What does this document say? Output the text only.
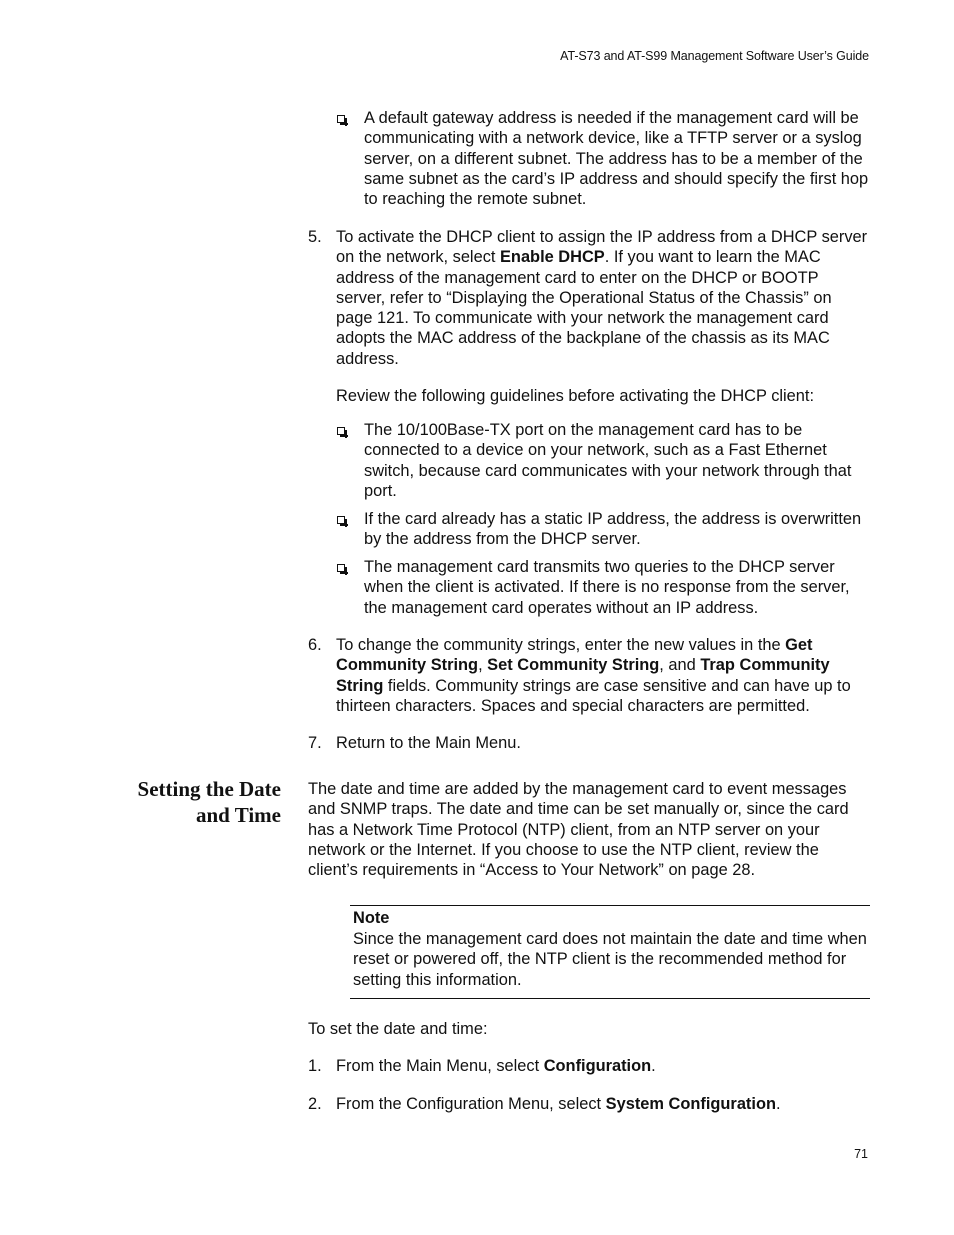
AT-S73 and AT-S99 Management Software User’s Guide

A default gateway address is needed if the management card will be communicating with a network device, like a TFTP server or a syslog server, on a different subnet. The address has to be a member of the same subnet as the card’s IP address and should specify the first hop to reaching the remote subnet.

5. To activate the DHCP client to assign the IP address from a DHCP server on the network, select Enable DHCP. If you want to learn the MAC address of the management card to enter on the DHCP or BOOTP server, refer to “Displaying the Operational Status of the Chassis” on page 121. To communicate with your network the management card adopts the MAC address of the backplane of the chassis as its MAC address.

Review the following guidelines before activating the DHCP client:

The 10/100Base-TX port on the management card has to be connected to a device on your network, such as a Fast Ethernet switch, because card communicates with your network through that port.

If the card already has a static IP address, the address is overwritten by the address from the DHCP server.

The management card transmits two queries to the DHCP server when the client is activated. If there is no response from the server, the management card operates without an IP address.

6. To change the community strings, enter the new values in the Get Community String, Set Community String, and Trap Community String fields. Community strings are case sensitive and can have up to thirteen characters. Spaces and special characters are permitted.

7. Return to the Main Menu.

Setting the Date
and Time

The date and time are added by the management card to event messages and SNMP traps. The date and time can be set manually or, since the card has a Network Time Protocol (NTP) client, from an NTP server on your network or the Internet. If you choose to use the NTP client, review the client’s requirements in “Access to Your Network” on page 28.

Note

Since the management card does not maintain the date and time when reset or powered off, the NTP client is the recommended method for setting this information.

To set the date and time:

1. From the Main Menu, select Configuration.

2. From the Configuration Menu, select System Configuration.

71
